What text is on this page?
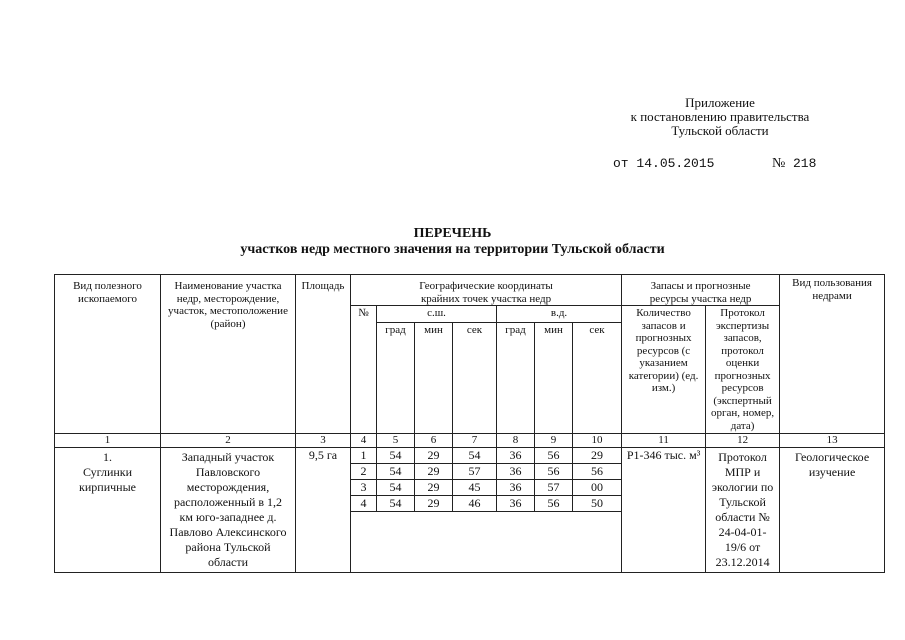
Приложение
к постановлению правительства
Тульской области
от 14.05.2015	№ 218
ПЕРЕЧЕНЬ
участков недр местного значения на территории Тульской области
Вид полезного ископаемого	Наименование участка недр, месторождение, участок, местоположение (район)	Площадь	Географические координаты крайних точек участка недр							Запасы и прогнозные ресурсы участка недр		Вид пользования недрами
			№	с.ш.			в.д.			Количество запасов и прогнозных ресурсов (с указанием категории) (ед. изм.)	Протокол экспертизы запасов, протокол оценки прогнозных ресурсов (экспертный орган, номер, дата)	
				град	мин	сек	град	мин	сек			
1	2	3	4	5	6	7	8	9	10	11	12	13
1. Суглинки кирпичные	Западный участок Павловского месторождения, расположенный в 1,2 км юго-западнее д. Павлово Алексинского района Тульской области	9,5 га	1	54	29	54	36	56	29	Р1-346 тыс. м³	Протокол МПР и экологии по Тульской области № 24-04-01-19/6 от 23.12.2014	Геологическое изучение
			2	54	29	57	36	56	56			
			3	54	29	45	36	57	00			
			4	54	29	46	36	56	50			
